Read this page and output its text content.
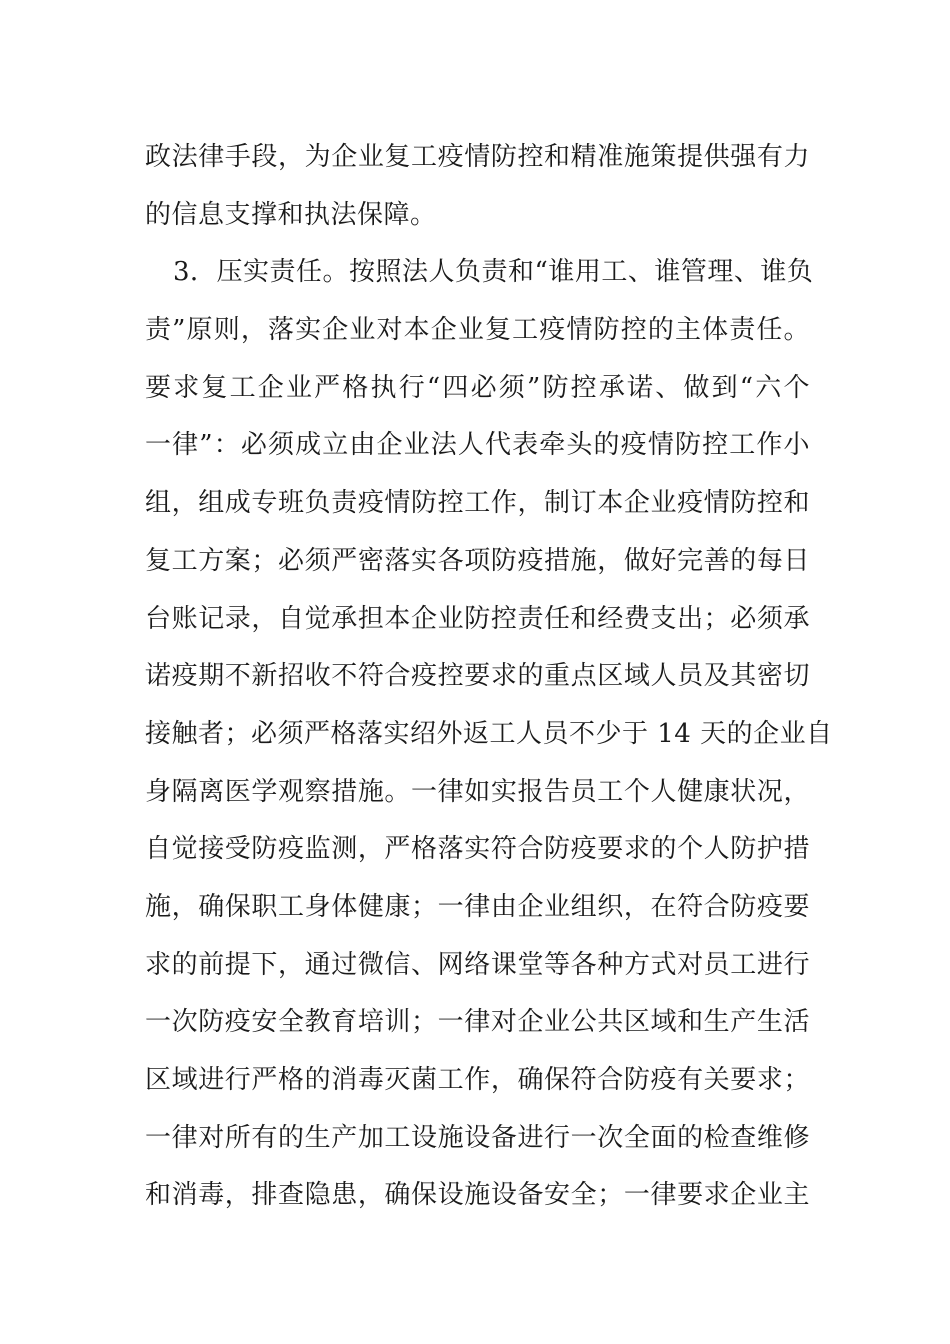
政法律手段，为企业复工疫情防控和精准施策提供强有力
的信息支撑和执法保障。
3．压实责任。按照法人负责和“谁用工、谁管理、谁负
责”原则，落实企业对本企业复工疫情防控的主体责任。
要求复工企业严格执行“四必须”防控承诺、做到“六个
一律”：必须成立由企业法人代表牵头的疫情防控工作小
组，组成专班负责疫情防控工作，制订本企业疫情防控和
复工方案；必须严密落实各项防疫措施，做好完善的每日
台账记录，自觉承担本企业防控责任和经费支出；必须承
诺疫期不新招收不符合疫控要求的重点区域人员及其密切
接触者；必须严格落实绍外返工人员不少于 14 天的企业自
身隔离医学观察措施。一律如实报告员工个人健康状况，
自觉接受防疫监测，严格落实符合防疫要求的个人防护措
施，确保职工身体健康；一律由企业组织，在符合防疫要
求的前提下，通过微信、网络课堂等各种方式对员工进行
一次防疫安全教育培训；一律对企业公共区域和生产生活
区域进行严格的消毒灭菌工作，确保符合防疫有关要求；
一律对所有的生产加工设施设备进行一次全面的检查维修
和消毒，排查隐患，确保设施设备安全；一律要求企业主
